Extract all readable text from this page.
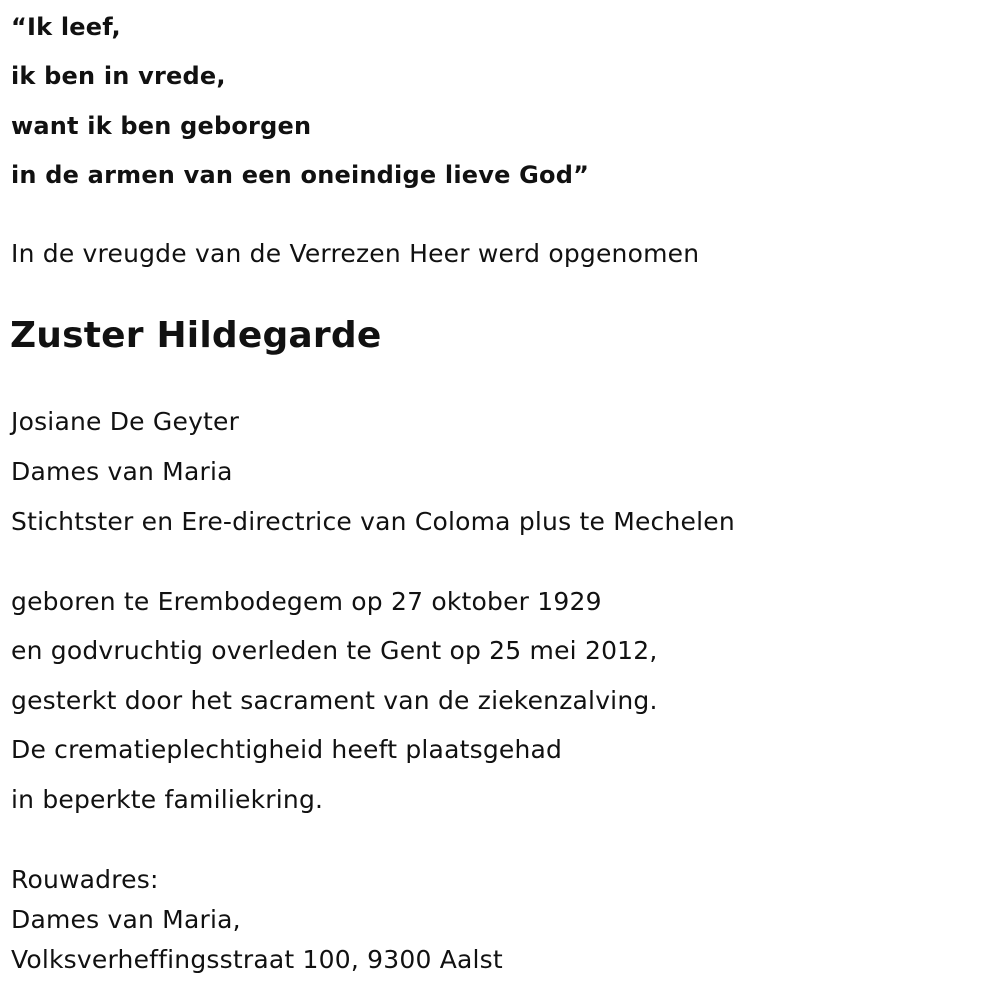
“Ik leef,
ik ben in vrede,
want ik ben geborgen
in de armen van een oneindige lieve God”
In de vreugde van de Verrezen Heer werd opgenomen
Zuster Hildegarde
Josiane De Geyter
Dames van Maria
Stichtster en Ere-directrice van Coloma plus te Mechelen
geboren te Erembodegem op 27 oktober 1929
en godvruchtig overleden te Gent op 25 mei 2012,
gesterkt door het sacrament van de ziekenzalving.
De crematieplechtigheid heeft plaatsgehad
in beperkte familiekring.
Rouwadres:
Dames van Maria,
Volksverheffingsstraat 100, 9300 Aalst
